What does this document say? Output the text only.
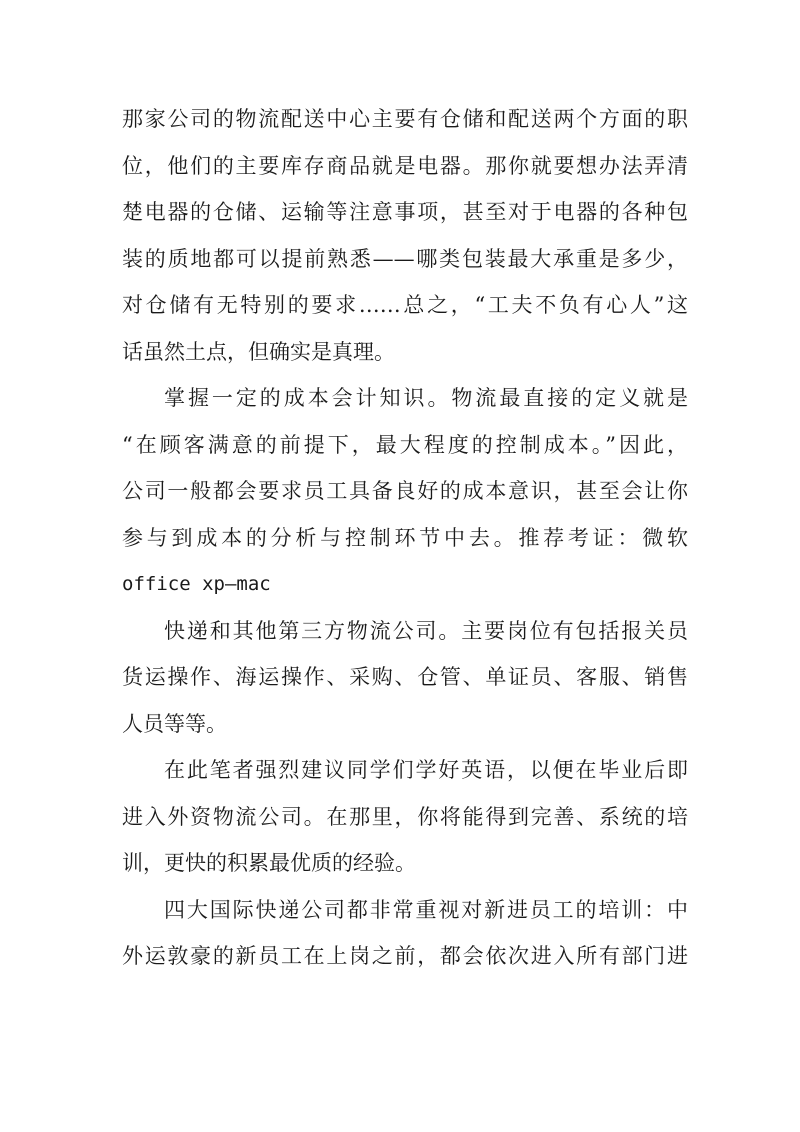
那家公司的物流配送中心主要有仓储和配送两个方面的职
位，他们的主要库存商品就是电器。那你就要想办法弄清
楚电器的仓储、运输等注意事项，甚至对于电器的各种包
装的质地都可以提前熟悉——哪类包装最大承重是多少，
对仓储有无特别的要求……总之，“工夫不负有心人”这
话虽然土点，但确实是真理。

掌握一定的成本会计知识。物流最直接的定义就是
“在顾客满意的前提下，最大程度的控制成本。”因此，
公司一般都会要求员工具备良好的成本意识，甚至会让你
参与到成本的分析与控制环节中去。推荐考证：微软
office xp—mac

快递和其他第三方物流公司。主要岗位有包括报关员
货运操作、海运操作、采购、仓管、单证员、客服、销售
人员等等。

在此笔者强烈建议同学们学好英语，以便在毕业后即
进入外资物流公司。在那里，你将能得到完善、系统的培
训，更快的积累最优质的经验。

四大国际快递公司都非常重视对新进员工的培训：中
外运敦豪的新员工在上岗之前，都会依次进入所有部门进
